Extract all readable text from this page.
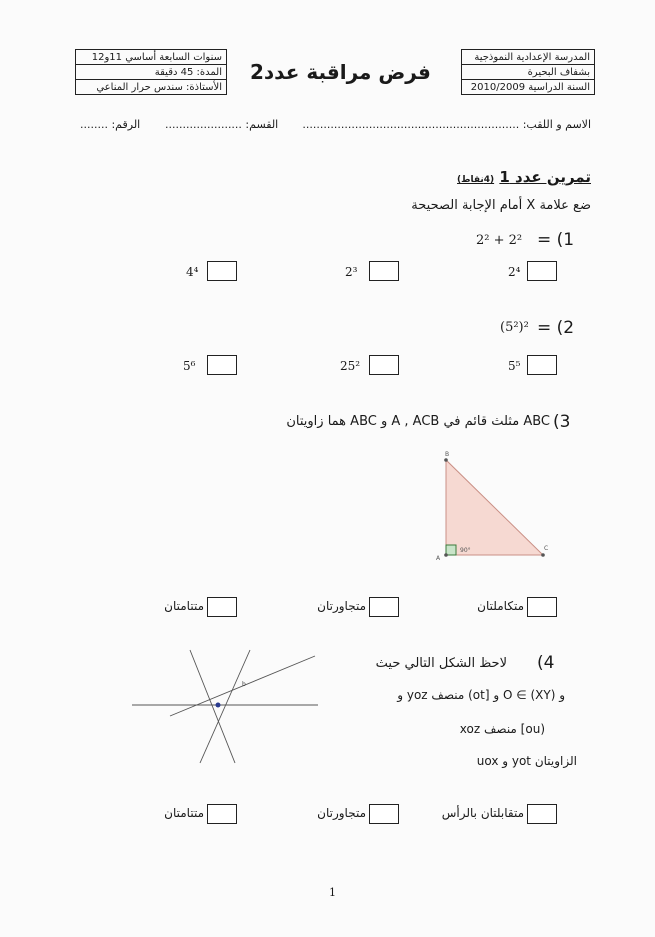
المدرسة الإعدادية النموذجية
بشفاف البحيرة
السنة الدراسية 2010/2009
فرض مراقبة عدد2
سنوات السابعة أساسي 11و12
المدة: 45 دقيقة
الأستاذة: سندس حرار المناعي
الاسم و اللقب: ..............................................................
القسم: ......................
الرقم: ........
تمرين عدد 1 (4نقاط)
ضع علامة X أمام الإجابة الصحيحة
1) =
2² + 2²
2⁴
2³
4⁴
2) =
(5²)²
5⁵
25²
5⁶
3)
ABC مثلث قائم في A , ACB و ABC هما زاويتان
B
A
C
90°
متكاملتان
متجاورتان
متتامتان
4)
لاحظ الشكل التالي حيث
و O ∈ (XY) و [ot) منصف yoz و
(ou] منصف xoz
الزاويتان yot و uox
b
متقابلتان بالرأس
متجاورتان
متتامتان
1
